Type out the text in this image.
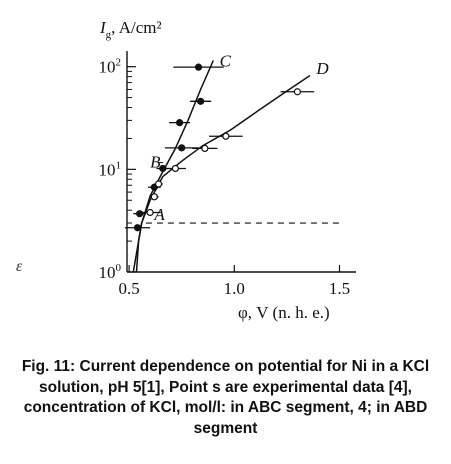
0.5	1.0	1.5
$10^0$
$10^1$
$10^2$
$I_g$, A/cm²
φ, V (n. h. e.)
A
B
C	D
ε
Fig. 11: Current dependence on potential for Ni in a KCl solution, pH 5[1], Point s are experimental data [4], concentration of KCl, mol/l: in ABC segment, 4; in ABD segment
